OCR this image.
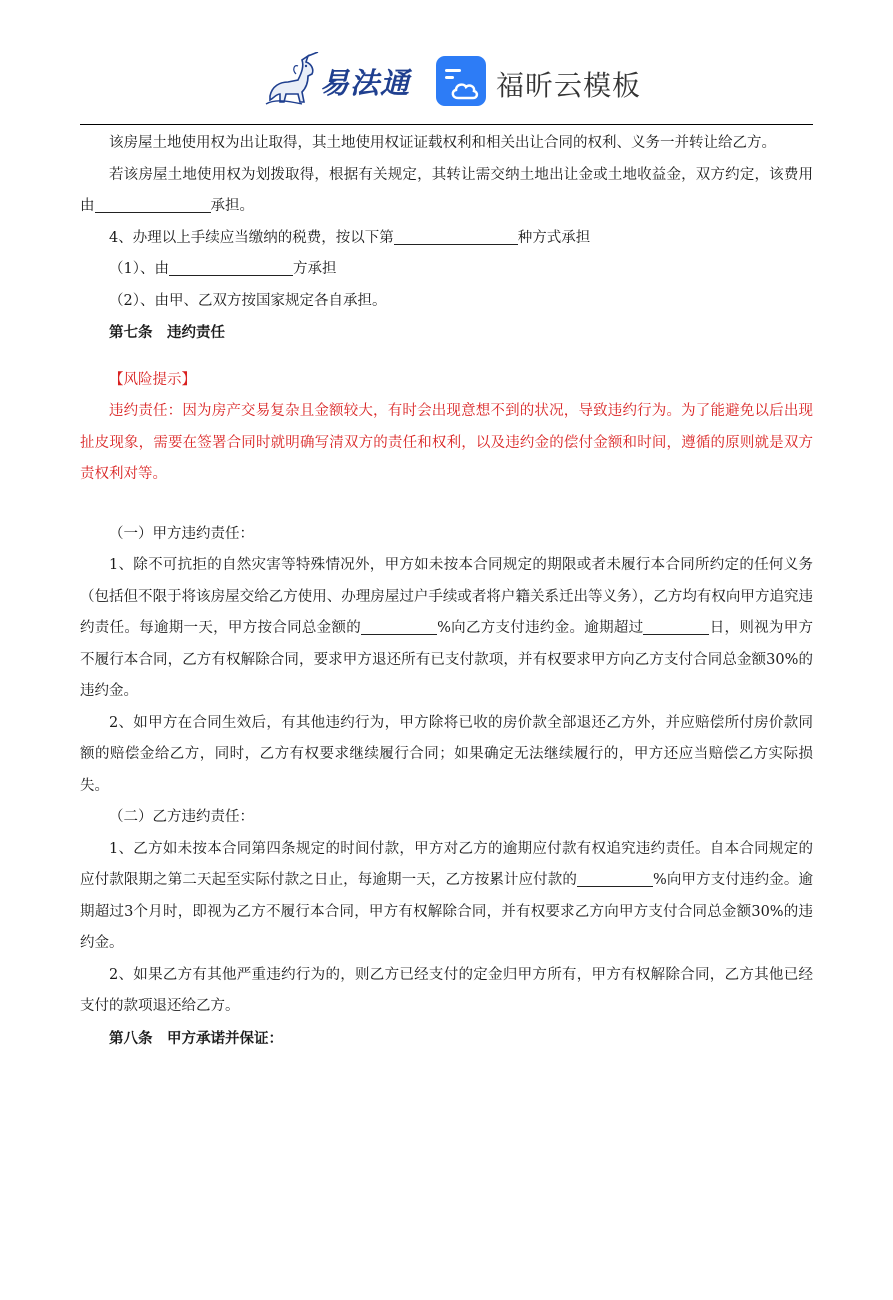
易法通	福昕云模板

该房屋土地使用权为出让取得，其土地使用权证证载权利和相关出让合同的权利、义务一并转让给乙方。

若该房屋土地使用权为划拨取得，根据有关规定，其转让需交纳土地出让金或土地收益金，双方约定，该费用由	承担。

4、办理以上手续应当缴纳的税费，按以下第	种方式承担

（1）、由	方承担

（2）、由甲、乙双方按国家规定各自承担。

第七条　违约责任

【风险提示】

违约责任：因为房产交易复杂且金额较大，有时会出现意想不到的状况，导致违约行为。为了能避免以后出现扯皮现象，需要在签署合同时就明确写清双方的责任和权利，以及违约金的偿付金额和时间，遵循的原则就是双方责权利对等。

（一）甲方违约责任：

1、除不可抗拒的自然灾害等特殊情况外，甲方如未按本合同规定的期限或者未履行本合同所约定的任何义务（包括但不限于将该房屋交给乙方使用、办理房屋过户手续或者将户籍关系迁出等义务），乙方均有权向甲方追究违约责任。每逾期一天，甲方按合同总金额的	%向乙方支付违约金。逾期超过	日，则视为甲方不履行本合同，乙方有权解除合同，要求甲方退还所有已支付款项，并有权要求甲方向乙方支付合同总金额30%的违约金。

2、如甲方在合同生效后，有其他违约行为，甲方除将已收的房价款全部退还乙方外，并应赔偿所付房价款同额的赔偿金给乙方，同时，乙方有权要求继续履行合同；如果确定无法继续履行的，甲方还应当赔偿乙方实际损失。

（二）乙方违约责任：

1、乙方如未按本合同第四条规定的时间付款，甲方对乙方的逾期应付款有权追究违约责任。自本合同规定的应付款限期之第二天起至实际付款之日止，每逾期一天，乙方按累计应付款的	%向甲方支付违约金。逾期超过3个月时，即视为乙方不履行本合同，甲方有权解除合同，并有权要求乙方向甲方支付合同总金额30%的违约金。

2、如果乙方有其他严重违约行为的，则乙方已经支付的定金归甲方所有，甲方有权解除合同，乙方其他已经支付的款项退还给乙方。

第八条　甲方承诺并保证：
